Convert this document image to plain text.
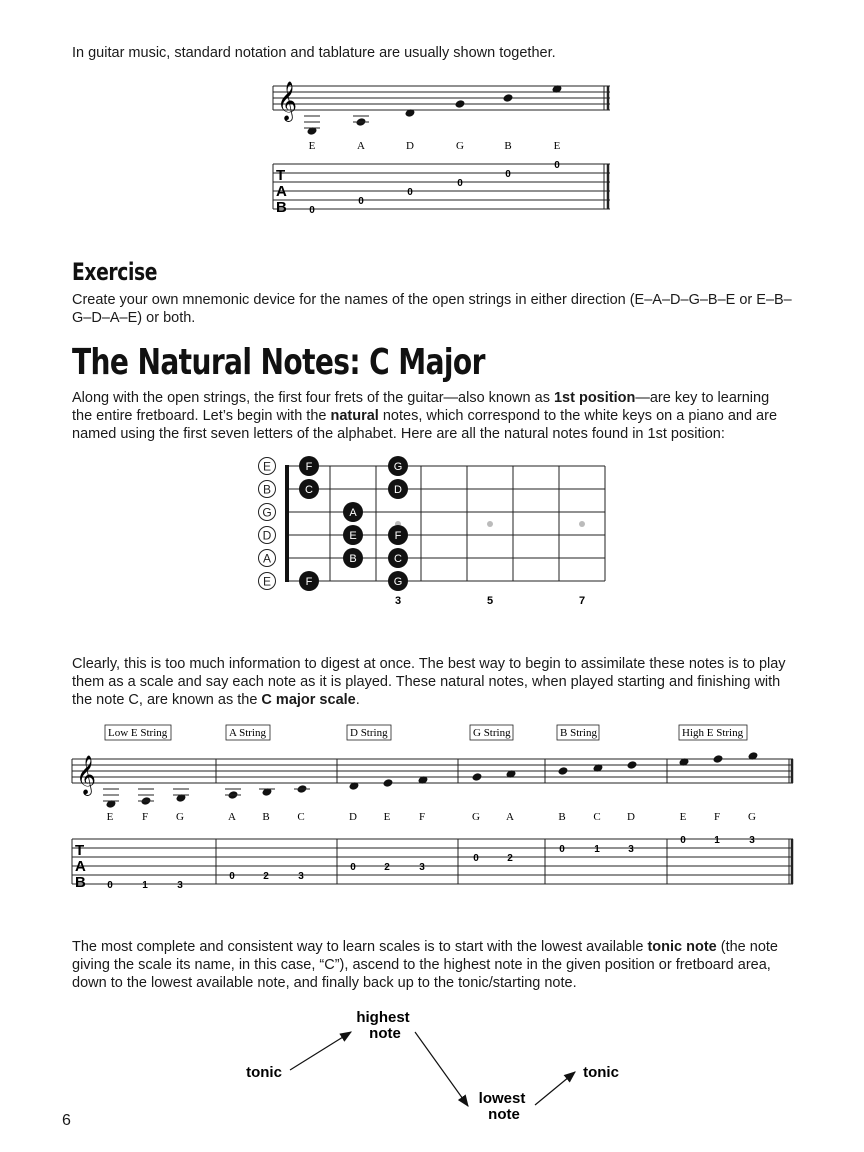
In guitar music, standard notation and tablature are usually shown together.

𝄞
E	A	D	G	B	E
T
A
B 0
0
0
0
0
0
Exercise

Create your own mnemonic device for the names of the open strings in either direction (E–A–D–G–B–E or E–B–G–D–A–E) or both.

The Natural Notes: C Major

Along with the open strings, the first four frets of the guitar—also known as 1st position—are key to learning the entire fretboard. Let’s begin with the natural notes, which correspond to the white keys on a piano and are named using the first seven letters of the alphabet. Here are all the natural notes found in 1st position:

E
B
G
D
A
E
F	G
C	D
A
E	F
B	C
F	G
3	5	7

Clearly, this is too much information to digest at once. The best way to begin to assimilate these notes is to play them as a scale and say each note as it is played. These natural notes, when played starting and finishing with the note C, are known as the C major scale.

Low E String	A String	D String	G String	B String	High E String
𝄞
E	F	G	A B	C	D E	F	G A	B	C D	E	F	G
T
A
B 0	1	3
0	2	3
0	2	3
0	2
0	1	3
0	1	3

The most complete and consistent way to learn scales is to start with the lowest available tonic note (the note giving the scale its name, in this case, “C”), ascend to the highest note in the given position or fretboard area, down to the lowest available note, and finally back up to the tonic/starting note.

tonic
highest
note
lowest
note
tonic

6
